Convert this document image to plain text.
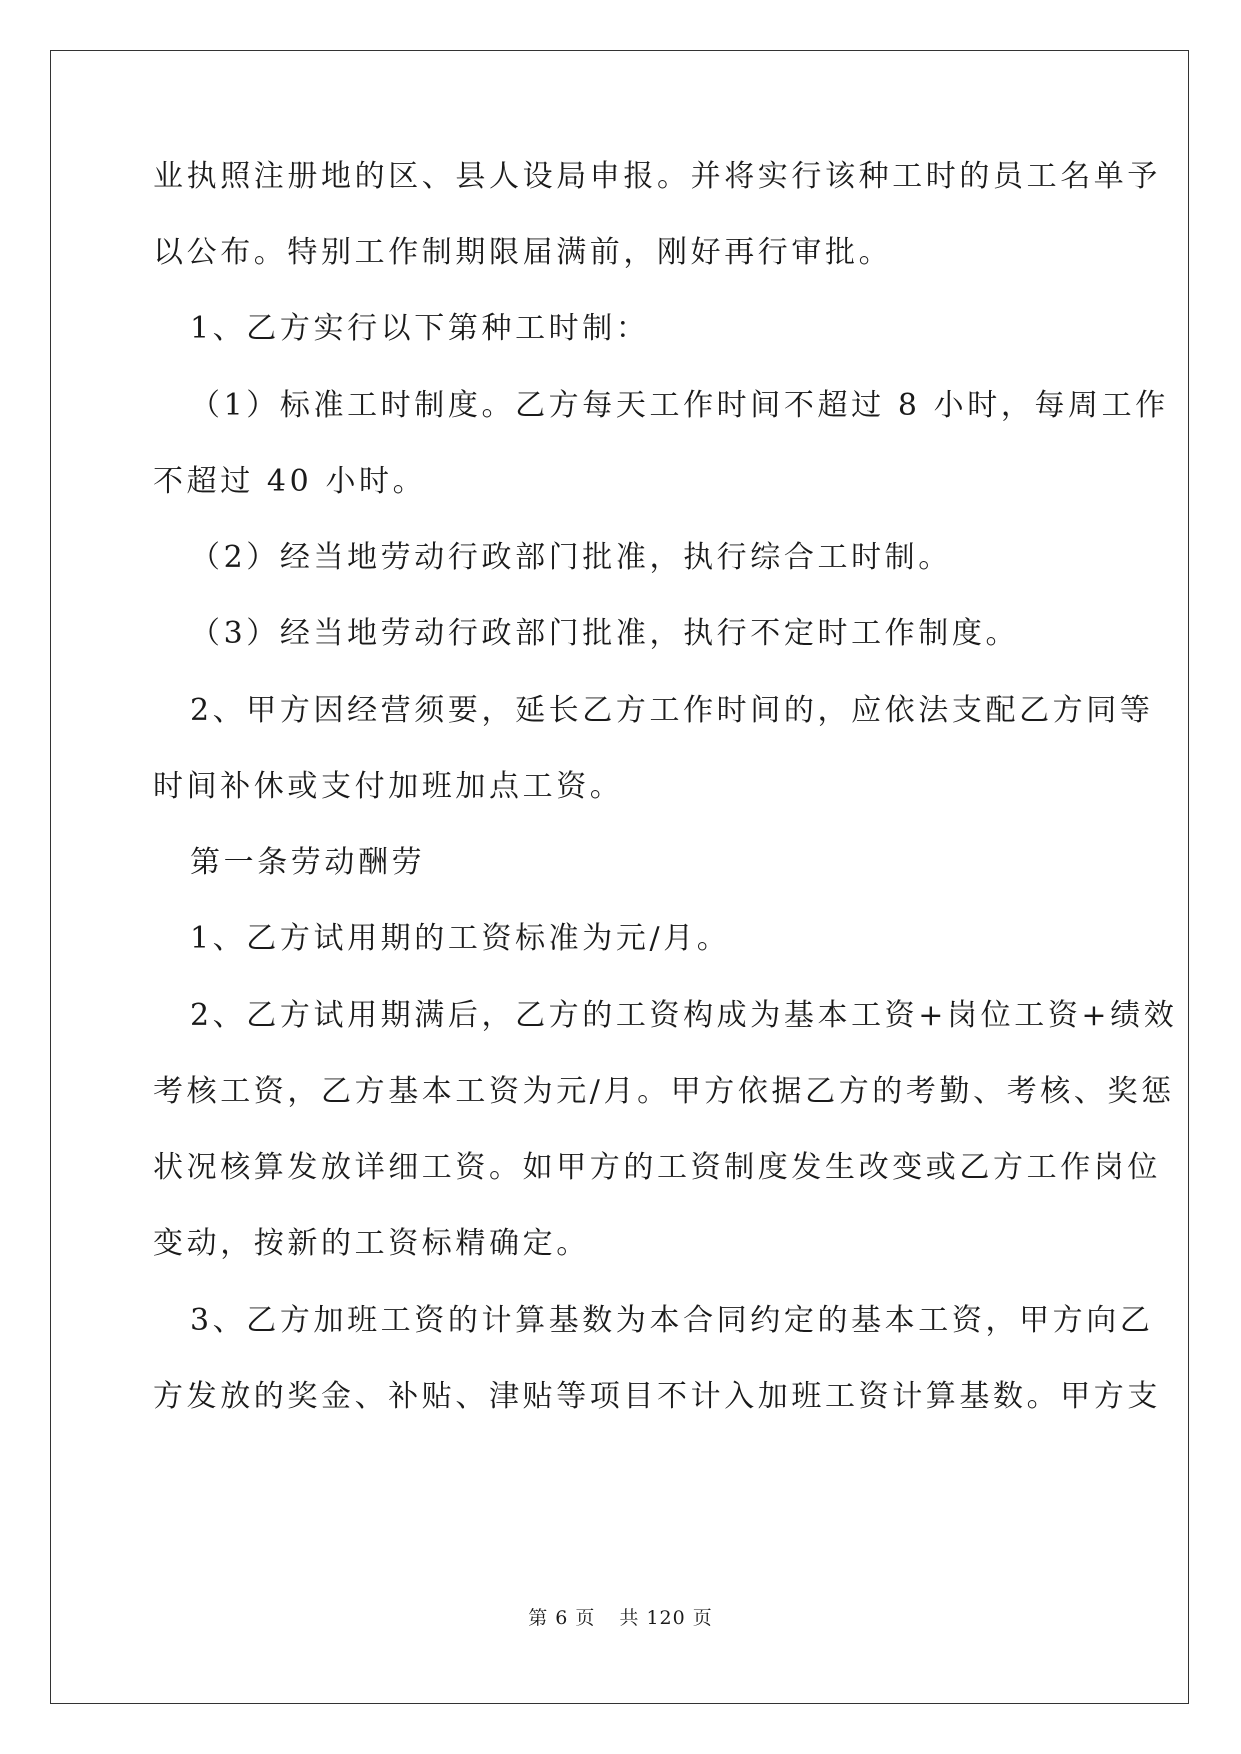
业执照注册地的区、县人设局申报。并将实行该种工时的员工名单予
以公布。特别工作制期限届满前，刚好再行审批。
1、乙方实行以下第种工时制：
（1）标准工时制度。乙方每天工作时间不超过 8 小时，每周工作
不超过 40 小时。
（2）经当地劳动行政部门批准，执行综合工时制。
（3）经当地劳动行政部门批准，执行不定时工作制度。
2、甲方因经营须要，延长乙方工作时间的，应依法支配乙方同等
时间补休或支付加班加点工资。
第一条劳动酬劳
1、乙方试用期的工资标准为元/月。
2、乙方试用期满后，乙方的工资构成为基本工资+岗位工资+绩效
考核工资，乙方基本工资为元/月。甲方依据乙方的考勤、考核、奖惩
状况核算发放详细工资。如甲方的工资制度发生改变或乙方工作岗位
变动，按新的工资标精确定。
3、乙方加班工资的计算基数为本合同约定的基本工资，甲方向乙
方发放的奖金、补贴、津贴等项目不计入加班工资计算基数。甲方支
第 6 页 共 120 页
